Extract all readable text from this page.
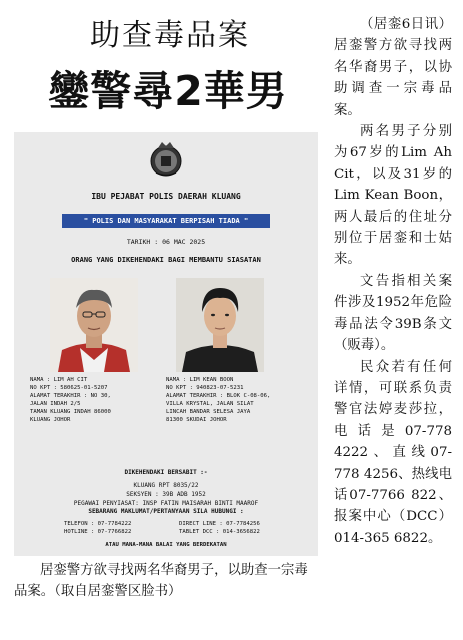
助查毒品案
鑾警尋2華男

（居銮6日讯）居銮警方欲寻找两名华裔男子，以协助调查一宗毒品案。

两名男子分别为67岁的Lim Ah Cit，以及31岁的Lim Kean Boon，两人最后的住址分别位于居銮和士姑来。

文告指相关案件涉及1952年危险毒品法令39B条文（贩毒）。

民众若有任何详情，可联系负责警官法婷麦莎拉，电话是07-778 4222、直线07-778 4256、热线电话07-7766 822、报案中心（DCC）014-365 6822。

IBU PEJABAT POLIS DAERAH KLUANG
" POLIS DAN MASYARAKAT BERPISAH TIADA "
TARIKH : 06 MAC 2025
ORANG YANG DIKEHENDAKI BAGI MEMBANTU SIASATAN
NAMA : LIM AH CIT
NO KPT : 580625-01-5207
ALAMAT TERAKHIR : NO 30,
JALAN INDAH 2/5
TAMAN KLUANG INDAH 86000
KLUANG JOHOR
NAMA : LIM KEAN BOON
NO KPT : 940823-07-5231
ALAMAT TERAKHIR : BLOK C-08-06,
VILLA KRYSTAL, JALAN SILAT
LINCAH BANDAR SELESA JAYA
81300 SKUDAI JOHOR
DIKEHENDAKI BERSABIT :-
KLUANG RPT 8035/22
SEKSYEN : 39B ADB 1952
PEGAWAI PENYIASAT: INSP FATIN MAISARAH BINTI MAAROF
SEBARANG MAKLUMAT/PERTANYAAN SILA HUBUNGI :
TELEFON : 07-7784222	DIRECT LINE : 07-7784256
HOTLINE : 07-7766822	TABLET DCC : 014-3656822
ATAU MANA-MANA BALAI YANG BERDEKATAN

居銮警方欲寻找两名华裔男子，以助查一宗毒品案。（取自居銮警区脸书）
